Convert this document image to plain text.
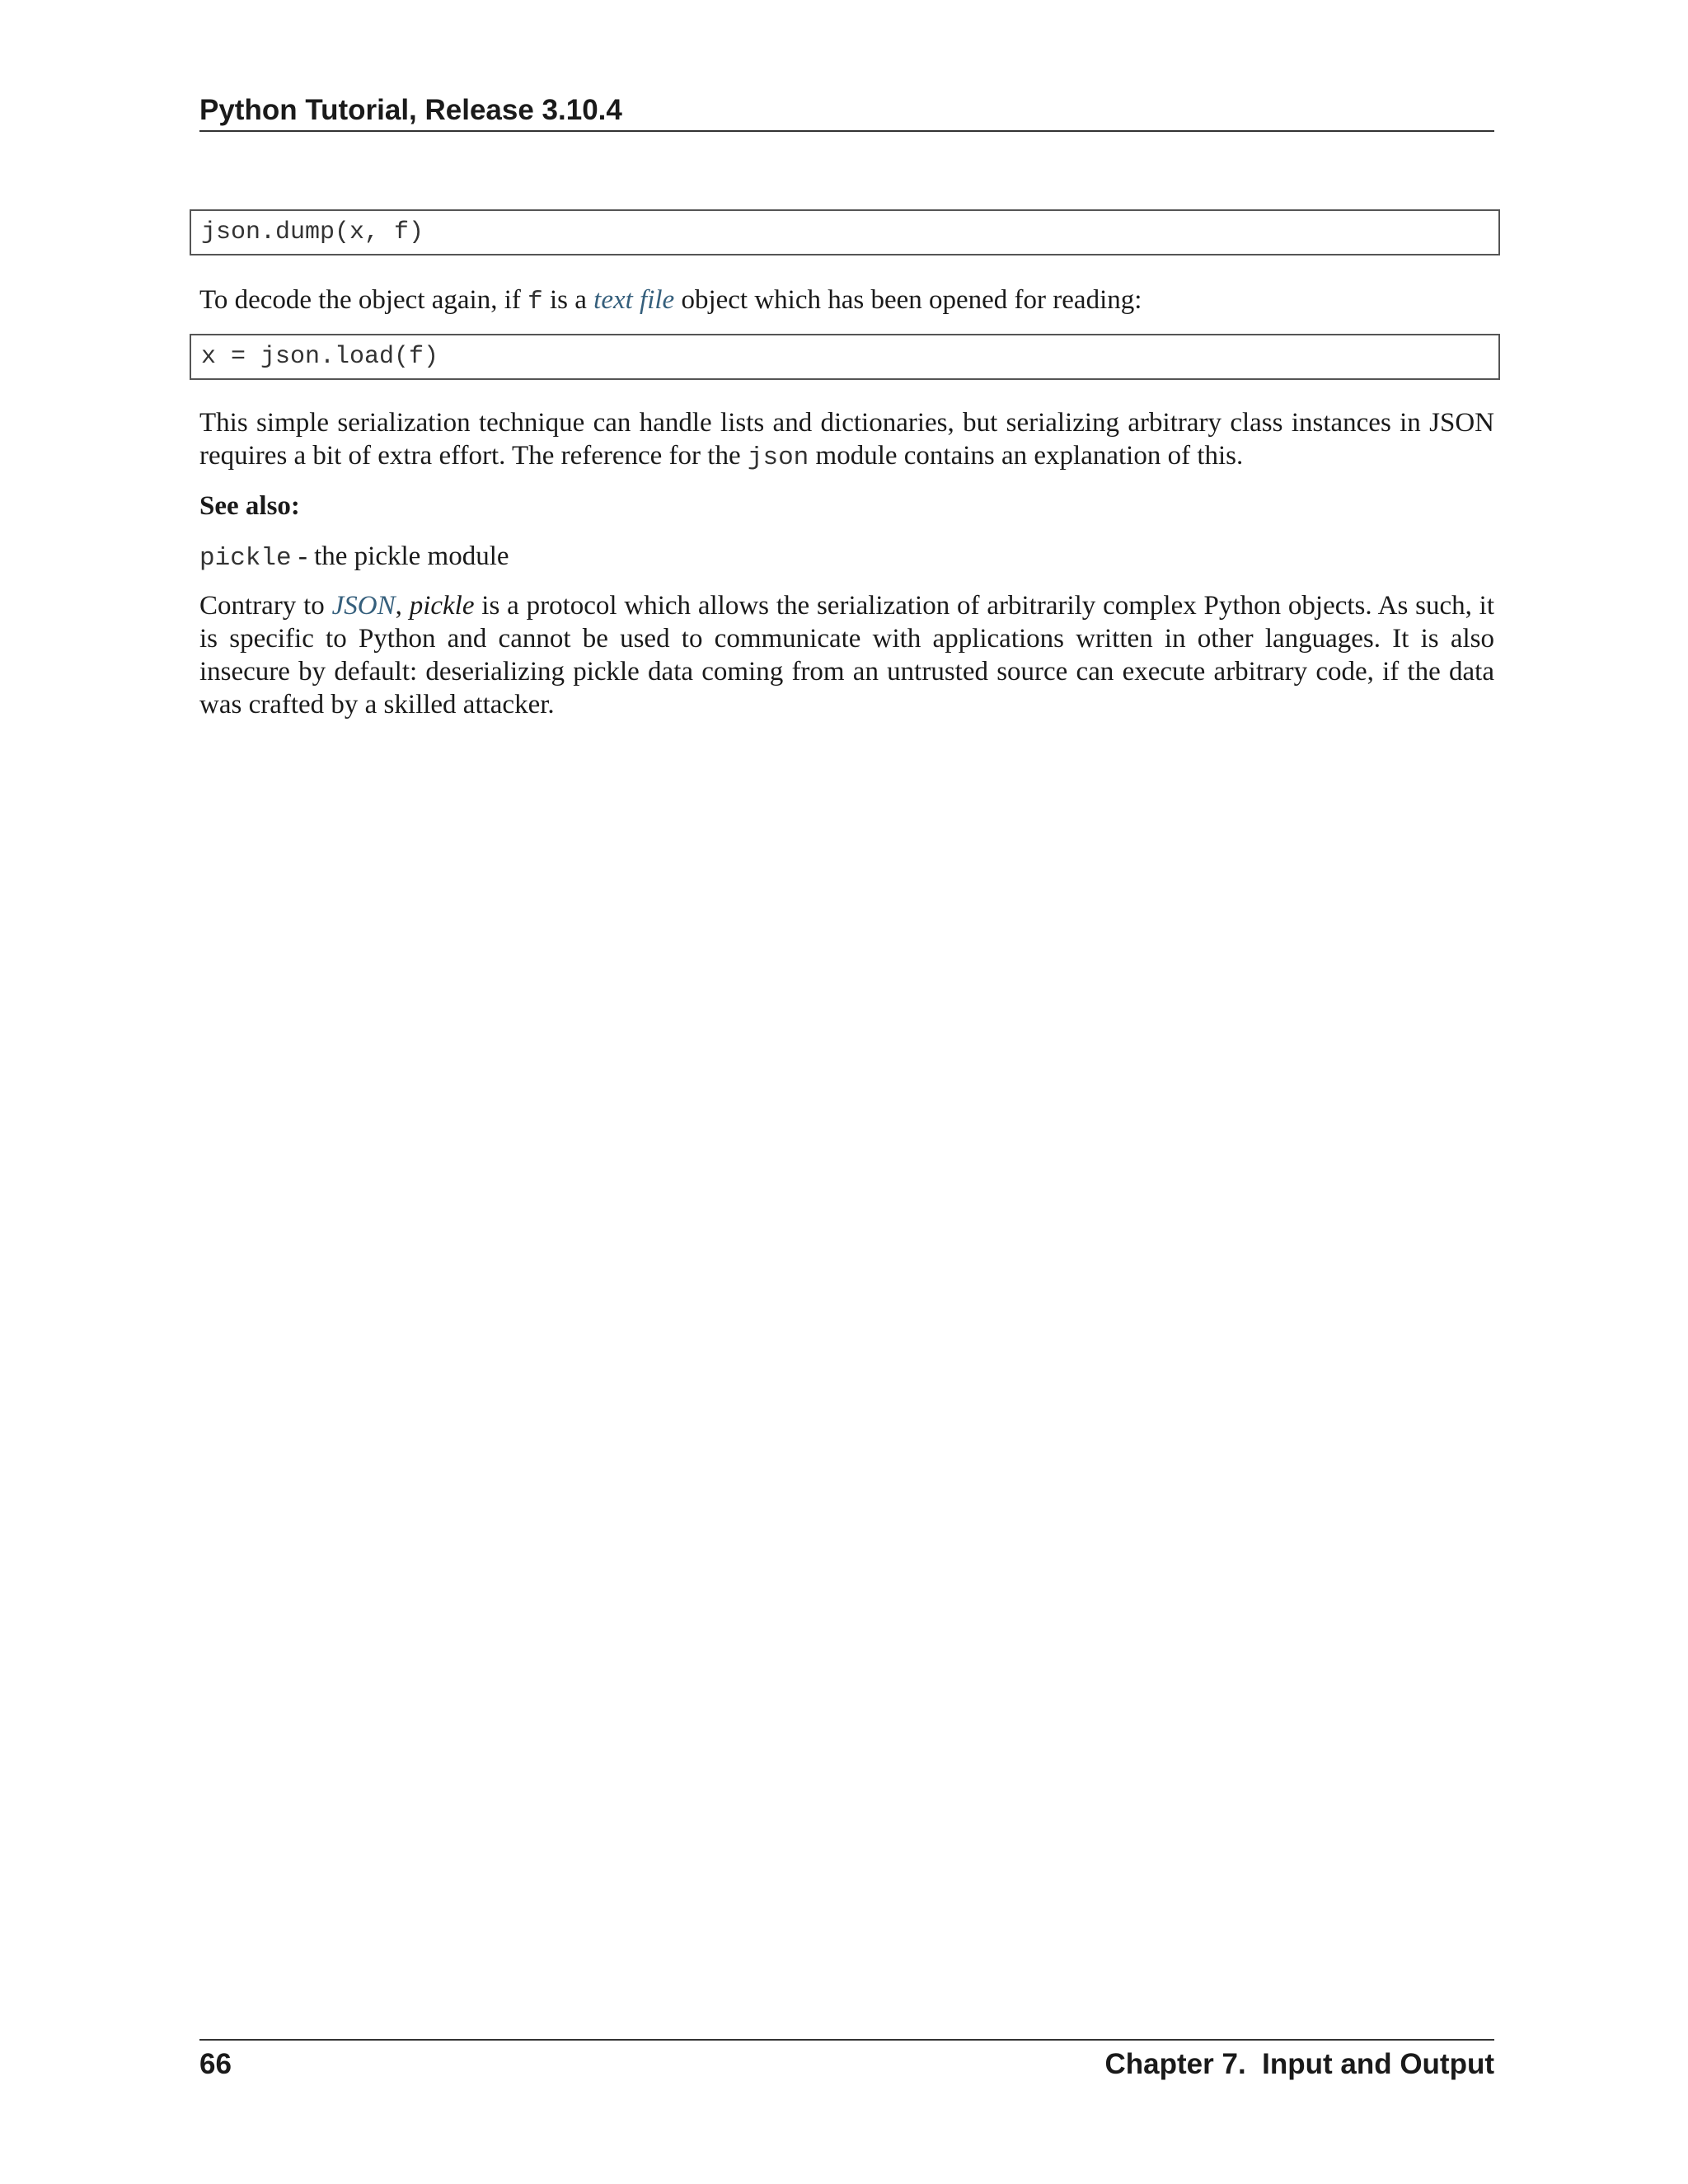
Python Tutorial, Release 3.10.4
json.dump(x, f)
To decode the object again, if f is a text file object which has been opened for reading:
x = json.load(f)
This simple serialization technique can handle lists and dictionaries, but serializing arbitrary class instances in JSON requires a bit of extra effort. The reference for the json module contains an explanation of this.
See also:
pickle - the pickle module
Contrary to JSON, pickle is a protocol which allows the serialization of arbitrarily complex Python objects. As such, it is specific to Python and cannot be used to communicate with applications written in other languages. It is also insecure by default: deserializing pickle data coming from an untrusted source can execute arbitrary code, if the data was crafted by a skilled attacker.
66	Chapter 7.  Input and Output
